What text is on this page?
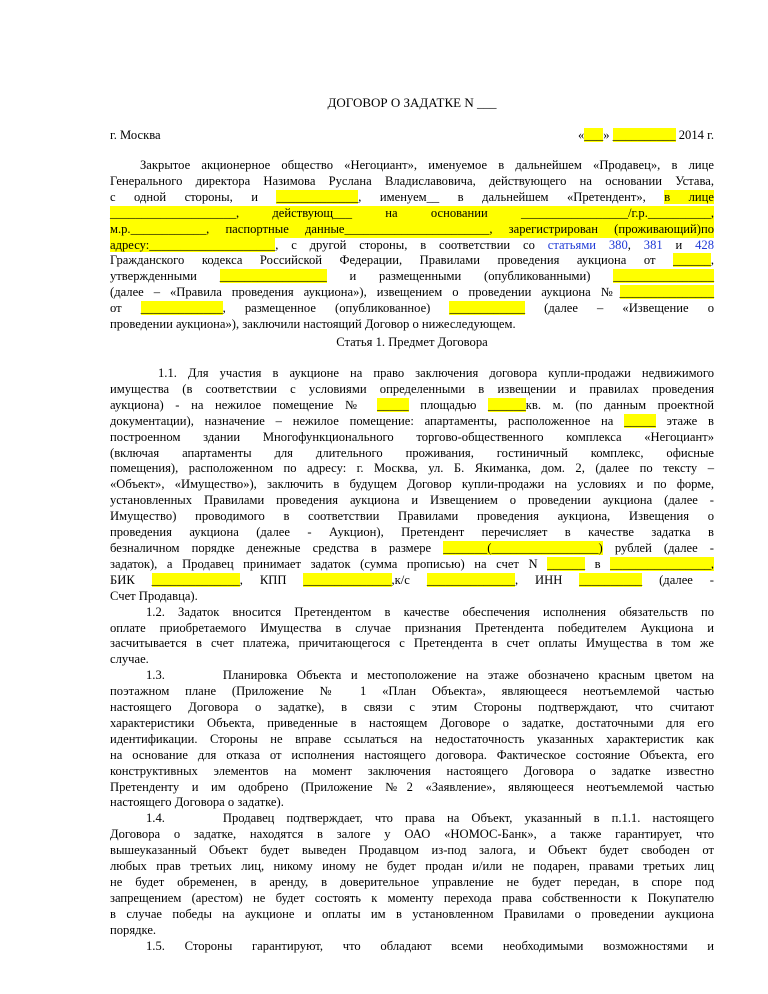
ДОГОВОР О ЗАДАТКЕ N ___
г. Москва	«___» __________ 2014 г.
Закрытое акционерное общество «Негоциант», именуемое в дальнейшем «Продавец», в лице
Генерального директора Назимова Руслана Владиславовича, действующего на основании Устава,
с одной стороны, и _____________, именуем__ в дальнейшем «Претендент», в лице
____________________, действующ___ на основании _________________/г.р.__________,
м.р.____________, паспортные данные_______________________, зарегистрирован (проживающий)по
адресу:____________________, с другой стороны, в соответствии со статьями 380, 381 и 428
Гражданского кодекса Российской Федерации, Правилами проведения аукциона от ______,
утвержденными _________________ и размещенными (опубликованными) ________________
(далее – «Правила проведения аукциона»), извещением о проведении аукциона №_______________
от _____________, размещенное (опубликованное) ____________ (далее – «Извещение о
проведении аукциона»), заключили настоящий Договор о нижеследующем.
Статья 1. Предмет Договора
1.1. Для участия в аукционе на право заключения договора купли-продажи недвижимого
имущества (в соответствии с условиями определенными в извещении и правилах проведения
аукциона) - на нежилое помещение № _____ площадью ______кв. м. (по данным проектной
документации), назначение – нежилое помещение: апартаменты, расположенное на _____ этаже в
построенном здании Многофункционального торгово-общественного комплекса «Негоциант»
(включая апартаменты для длительного проживания, гостиничный комплекс, офисные
помещения), расположенном по адресу: г. Москва, ул. Б. Якиманка, дом. 2, (далее по тексту –
«Объект», «Имущество»), заключить в будущем Договор купли-продажи на условиях и по форме,
установленных Правилами проведения аукциона и Извещением о проведении аукциона (далее -
Имущество) проводимого в соответствии Правилами проведения аукциона, Извещения о
проведения аукциона (далее - Аукцион), Претендент перечисляет в качестве задатка в
безналичном порядке денежные средства в размере _______(_________________) рублей (далее -
задаток), а Продавец принимает задаток (сумма прописью) на счет N ______ в ________________,
БИК ______________, КПП ______________,к/с ______________, ИНН __________ (далее -
Счет Продавца).
1.2. Задаток вносится Претендентом в качестве обеспечения исполнения обязательств по
оплате приобретаемого Имущества в случае признания Претендента победителем Аукциона и
засчитывается в счет платежа, причитающегося с Претендента в счет оплаты Имущества в том же
случае.
1.3.	Планировка Объекта и местоположение на этаже обозначено красным цветом на
поэтажном плане (Приложение № 1 «План Объекта», являющееся неотъемлемой частью
настоящего Договора о задатке), в связи с этим Стороны подтверждают, что считают
характеристики Объекта, приведенные в настоящем Договоре о задатке, достаточными для его
идентификации. Стороны не вправе ссылаться на недостаточность указанных характеристик как
на основание для отказа от исполнения настоящего договора. Фактическое состояние Объекта, его
конструктивных элементов на момент заключения настоящего Договора о задатке известно
Претенденту и им одобрено (Приложение №2 «Заявление», являющееся неотъемлемой частью
настоящего Договора о задатке).
1.4.	Продавец подтверждает, что права на Объект, указанный в п.1.1. настоящего
Договора о задатке, находятся в залоге у ОАО «НОМОС-Банк», а также гарантирует, что
вышеуказанный Объект будет выведен Продавцом из-под залога, и Объект будет свободен от
любых прав третьих лиц, никому иному не будет продан и/или не подарен, правами третьих лиц
не будет обременен, в аренду, в доверительное управление не будет передан, в споре под
запрещением (арестом) не будет состоять к моменту перехода права собственности к Покупателю
в случае победы на аукционе и оплаты им в установленном Правилами о проведении аукциона
порядке.
1.5. Стороны гарантируют, что обладают всеми необходимыми возможностями и
